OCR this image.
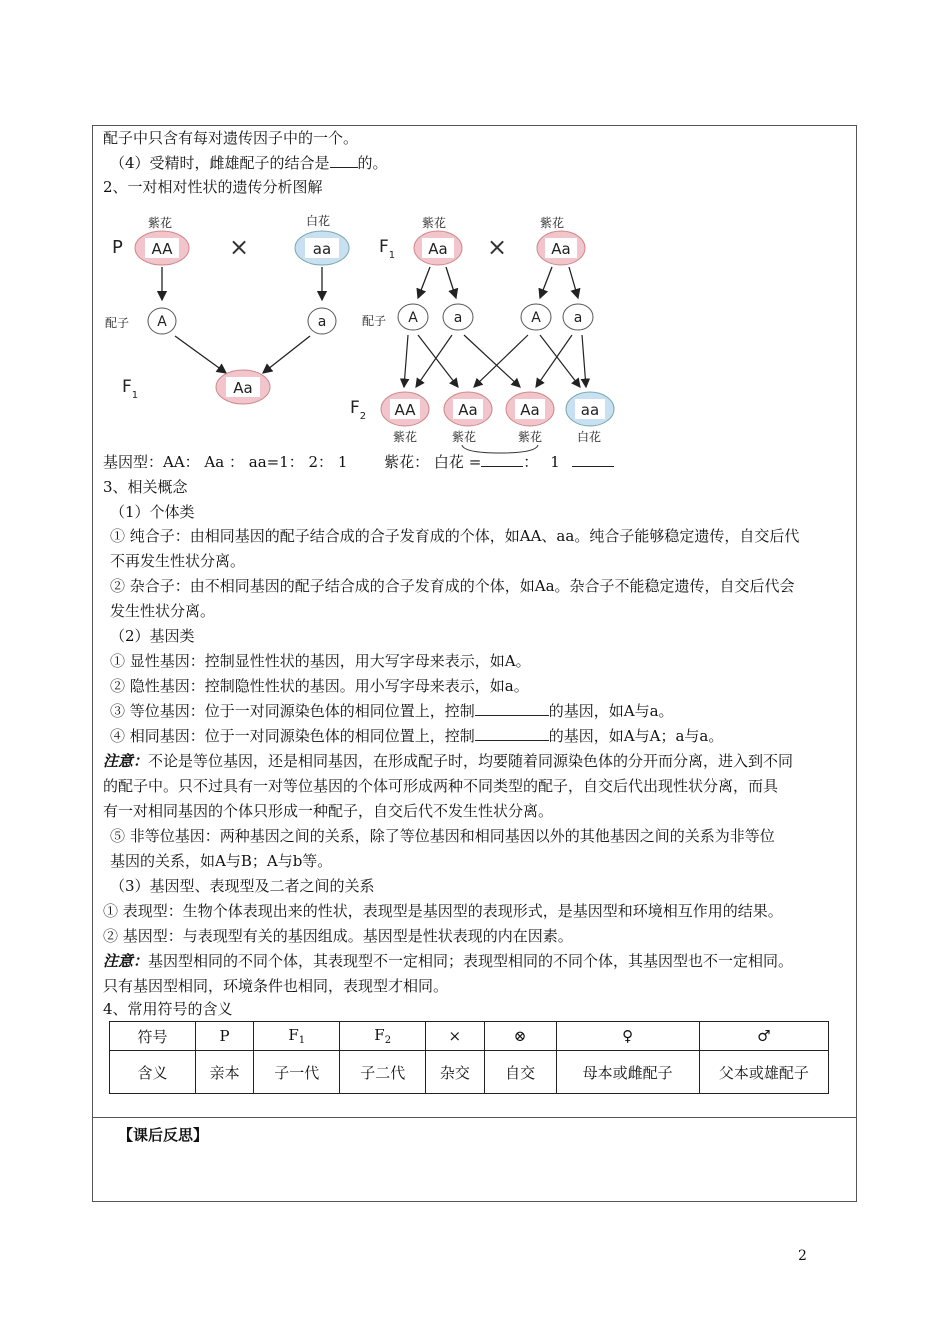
配子中只含有每对遗传因子中的一个。
（4）受精时，雌雄配子的结合是 的。
2、一对相对性状的遗传分析图解
P
紫花
AA ×
白花
aa
配子 A	a
$F_1$	Aa
$F_1$
紫花
Aa ×
紫花
Aa
配子 A	a	A a
$F_2$ AA	Aa	Aa	aa
紫花	紫花	紫花	白花
基因型：AA： Aa ： aa=1： 2： 1 紫花： 白花 =	： 1
3、相关概念
（1）个体类
① 纯合子：由相同基因的配子结合成的合子发育成的个体，如AA、aa。纯合子能够稳定遗传，自交后代
不再发生性状分离。
② 杂合子：由不相同基因的配子结合成的合子发育成的个体，如Aa。杂合子不能稳定遗传，自交后代会
发生性状分离。
（2）基因类
① 显性基因：控制显性性状的基因，用大写字母来表示，如A。
② 隐性基因：控制隐性性状的基因。用小写字母来表示，如a。
③ 等位基因：位于一对同源染色体的相同位置上，控制	的基因，如A与a。
④ 相同基因：位于一对同源染色体的相同位置上，控制	的基因，如A与A；a与a。
注意：不论是等位基因，还是相同基因，在形成配子时，均要随着同源染色体的分开而分离，进入到不同
的配子中。只不过具有一对等位基因的个体可形成两种不同类型的配子，自交后代出现性状分离，而具
有一对相同基因的个体只形成一种配子，自交后代不发生性状分离。
⑤ 非等位基因：两种基因之间的关系，除了等位基因和相同基因以外的其他基因之间的关系为非等位
基因的关系，如A与B；A与b等。
（3）基因型、表现型及二者之间的关系
① 表现型：生物个体表现出来的性状，表现型是基因型的表现形式，是基因型和环境相互作用的结果。
② 基因型：与表现型有关的基因组成。基因型是性状表现的内在因素。
注意：基因型相同的不同个体，其表现型不一定相同；表现型相同的不同个体，其基因型也不一定相同。
只有基因型相同，环境条件也相同，表现型才相同。
4、常用符号的含义
符号	P	$F_1$	$F_2$	×	⊗	♀	♂
含义	亲本	子一代	子二代	杂交	自交	母本或雌配子	父本或雄配子
【课后反思】
2
